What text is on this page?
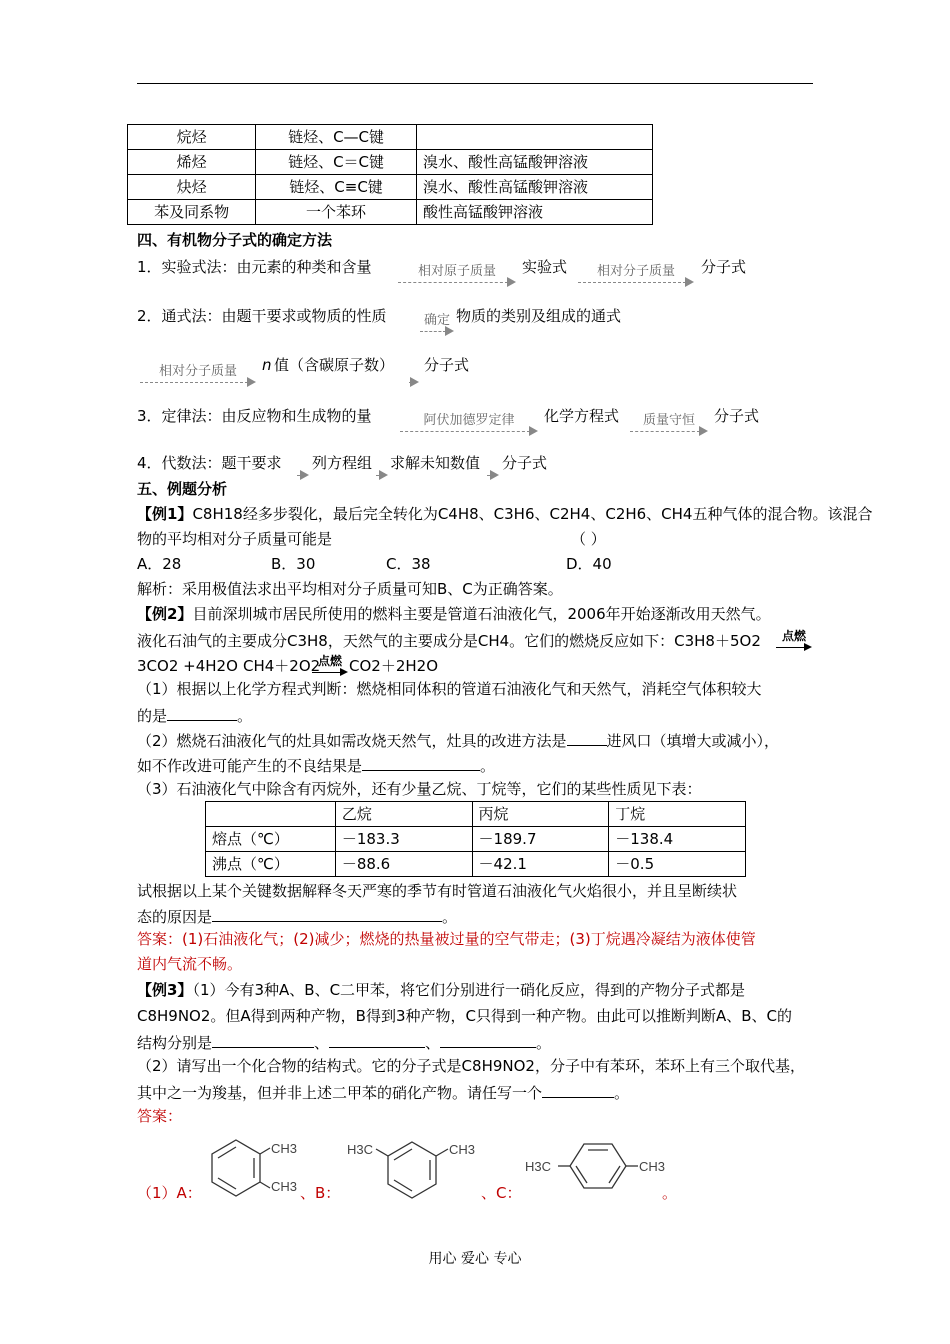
烷烃	链烃、C—C键	
烯烃	链烃、C＝C键	溴水、酸性高锰酸钾溶液
炔烃	链烃、C≡C键	溴水、酸性高锰酸钾溶液
苯及同系物	一个苯环	酸性高锰酸钾溶液
四、有机物分子式的确定方法
1．实验式法：由元素的种类和含量	相对原子质量	实验式	相对分子质量	分子式
2．通式法：由题干要求或物质的性质	确定 物质的类别及组成的通式
相对分子质量	n 值（含碳原子数） 分子式
3．定律法：由反应物和生成物的量	阿伏加德罗定律	化学方程式	质量守恒	分子式
4．代数法：题干要求 列方程组 求解未知数值 分子式
五、例题分析
【例1】C8H18经多步裂化，最后完全转化为C4H8、C3H6、C2H4、C2H6、CH4五种气体的混合物。该混合
物的平均相对分子质量可能是	（ ）
A．28	B．30	C．38	D．40
解析：采用极值法求出平均相对分子质量可知B、C为正确答案。
【例2】目前深圳城市居民所使用的燃料主要是管道石油液化气，2006年开始逐渐改用天然气。
液化石油气的主要成分C3H8，天然气的主要成分是CH4。它们的燃烧反应如下：C3H8＋5O2	点燃
3CO2 +4H2O CH4＋2O2
点燃 CO2＋2H2O
（1）根据以上化学方程式判断：燃烧相同体积的管道石油液化气和天然气，消耗空气体积较大
的是	。
（2）燃烧石油液化气的灶具如需改烧天然气，灶具的改进方法是	进风口（填增大或减小），
如不作改进可能产生的不良结果是	。
（3）石油液化气中除含有丙烷外，还有少量乙烷、丁烷等，它们的某些性质见下表：
	乙烷	丙烷	丁烷
熔点（℃）	－183.3	－189.7	－138.4
沸点（℃）	－88.6	－42.1	－0.5
试根据以上某个关键数据解释冬天严寒的季节有时管道石油液化气火焰很小，并且呈断续状
态的原因是	。
答案：(1)石油液化气；(2)减少；燃烧的热量被过量的空气带走；(3)丁烷遇冷凝结为液体使管
道内气流不畅。
【例3】（1）今有3种A、B、C二甲苯，将它们分别进行一硝化反应，得到的产物分子式都是
C8H9NO2。但A得到两种产物，B得到3种产物，C只得到一种产物。由此可以推断判断A、B、C的
结构分别是	、	、	。
（2）请写出一个化合物的结构式。它的分子式是C8H9NO2，分子中有苯环，苯环上有三个取代基，
其中之一为羧基，但并非上述二甲苯的硝化产物。请任写一个	。
答案：
（1）A：	、B：	、C：	。
CH3
CH3
H3C	CH3
H3C	CH3
用心 爱心 专心
